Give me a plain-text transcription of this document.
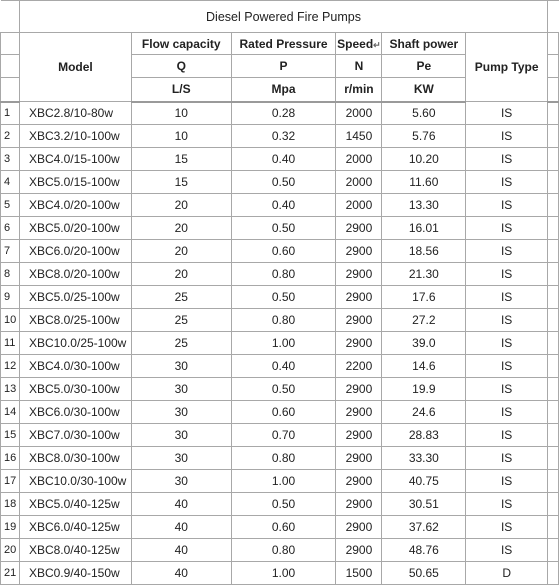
	Diesel Powered Fire Pumps						
	Model	Flow capacity	Rated Pressure	Speed↵	Shaft power	Pump Type	
		Q	P	N	Pe		
		L/S	Mpa	r/min	KW		
1	XBC2.8/10-80w	10	0.28	2000	5.60	IS	
2	XBC3.2/10-100w	10	0.32	1450	5.76	IS	
3	XBC4.0/15-100w	15	0.40	2000	10.20	IS	
4	XBC5.0/15-100w	15	0.50	2000	11.60	IS	
5	XBC4.0/20-100w	20	0.40	2000	13.30	IS	
6	XBC5.0/20-100w	20	0.50	2900	16.01	IS	
7	XBC6.0/20-100w	20	0.60	2900	18.56	IS	
8	XBC8.0/20-100w	20	0.80	2900	21.30	IS	
9	XBC5.0/25-100w	25	0.50	2900	17.6	IS	
10	XBC8.0/25-100w	25	0.80	2900	27.2	IS	
11	XBC10.0/25-100w	25	1.00	2900	39.0	IS	
12	XBC4.0/30-100w	30	0.40	2200	14.6	IS	
13	XBC5.0/30-100w	30	0.50	2900	19.9	IS	
14	XBC6.0/30-100w	30	0.60	2900	24.6	IS	
15	XBC7.0/30-100w	30	0.70	2900	28.83	IS	
16	XBC8.0/30-100w	30	0.80	2900	33.30	IS	
17	XBC10.0/30-100w	30	1.00	2900	40.75	IS	
18	XBC5.0/40-125w	40	0.50	2900	30.51	IS	
19	XBC6.0/40-125w	40	0.60	2900	37.62	IS	
20	XBC8.0/40-125w	40	0.80	2900	48.76	IS	
21	XBC0.9/40-150w	40	1.00	1500	50.65	D	
